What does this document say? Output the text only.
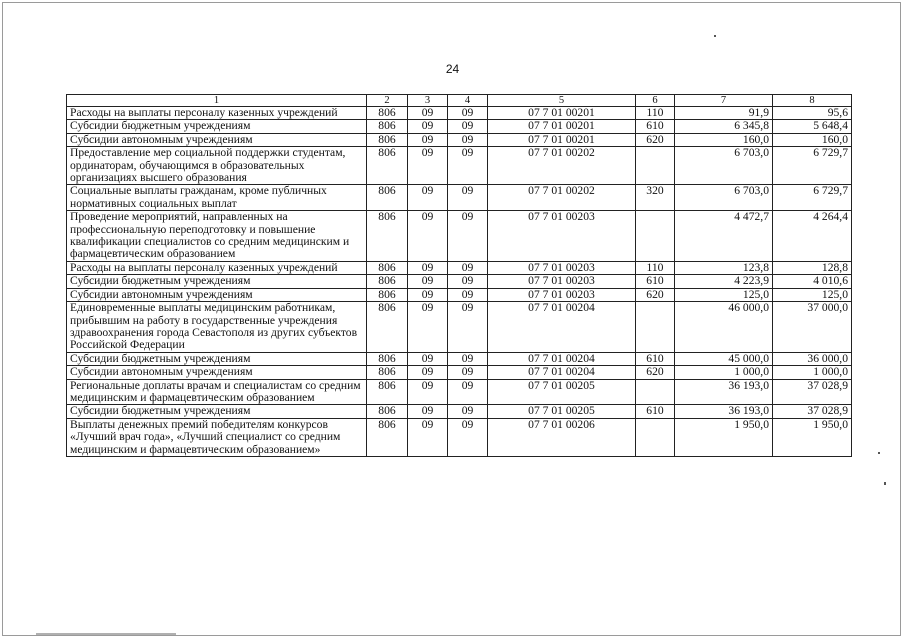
24
1	2	3	4	5	6	7	8
Расходы на выплаты персоналу казенных учреждений	806	09	09	07 7 01 00201	110	91,9	95,6
Субсидии бюджетным учреждениям	806	09	09	07 7 01 00201	610	6 345,8	5 648,4
Субсидии автономным учреждениям	806	09	09	07 7 01 00201	620	160,0	160,0
Предоставление мер социальной поддержки студентам, ординаторам, обучающимся в образовательных организациях высшего образования	806	09	09	07 7 01 00202		6 703,0	6 729,7
Социальные выплаты гражданам, кроме публичных нормативных социальных выплат	806	09	09	07 7 01 00202	320	6 703,0	6 729,7
Проведение мероприятий, направленных на профессиональную переподготовку и повышение квалификации специалистов со средним медицинским и фармацевтическим образованием	806	09	09	07 7 01 00203		4 472,7	4 264,4
Расходы на выплаты персоналу казенных учреждений	806	09	09	07 7 01 00203	110	123,8	128,8
Субсидии бюджетным учреждениям	806	09	09	07 7 01 00203	610	4 223,9	4 010,6
Субсидии автономным учреждениям	806	09	09	07 7 01 00203	620	125,0	125,0
Единовременные выплаты медицинским работникам, прибывшим на работу в государственные учреждения здравоохранения города Севастополя из других субъектов Российской Федерации	806	09	09	07 7 01 00204		46 000,0	37 000,0
Субсидии бюджетным учреждениям	806	09	09	07 7 01 00204	610	45 000,0	36 000,0
Субсидии автономным учреждениям	806	09	09	07 7 01 00204	620	1 000,0	1 000,0
Региональные доплаты врачам и специалистам со средним медицинским и фармацевтическим образованием	806	09	09	07 7 01 00205		36 193,0	37 028,9
Субсидии бюджетным учреждениям	806	09	09	07 7 01 00205	610	36 193,0	37 028,9
Выплаты денежных премий победителям конкурсов «Лучший врач года», «Лучший специалист со средним медицинским и фармацевтическим образованием»	806	09	09	07 7 01 00206		1 950,0	1 950,0
